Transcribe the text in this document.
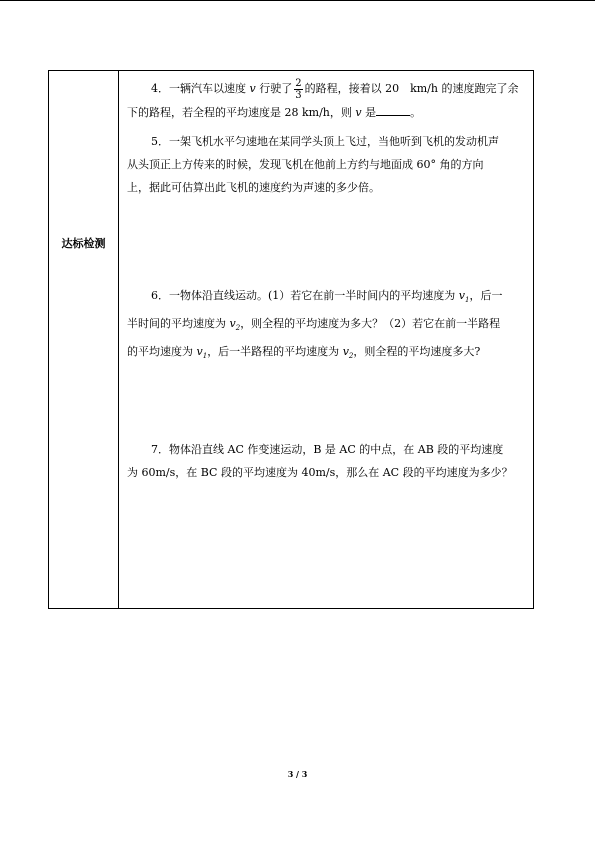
达标检测
4．一辆汽车以速度 v 行驶了 $\frac{2}{3}$ 的路程，接着以 20　km/h 的速度跑完了余
下的路程，若全程的平均速度是 28 km/h，则 v 是	。
5．一架飞机水平匀速地在某同学头顶上飞过，当他听到飞机的发动机声
从头顶正上方传来的时候，发现飞机在他前上方约与地面成 60° 角的方向
上，据此可估算出此飞机的速度约为声速的多少倍。
6．一物体沿直线运动。(1）若它在前一半时间内的平均速度为 $v_1$，后一
半时间的平均速度为 $v_2$，则全程的平均速度为多大？（2）若它在前一半路程
的平均速度为 $v_1$，后一半路程的平均速度为 $v_2$，则全程的平均速度多大?
7．物体沿直线 AC 作变速运动，B 是 AC 的中点，在 AB 段的平均速度
为 60m/s，在 BC 段的平均速度为 40m/s，那么在 AC 段的平均速度为多少？
3 / 3
